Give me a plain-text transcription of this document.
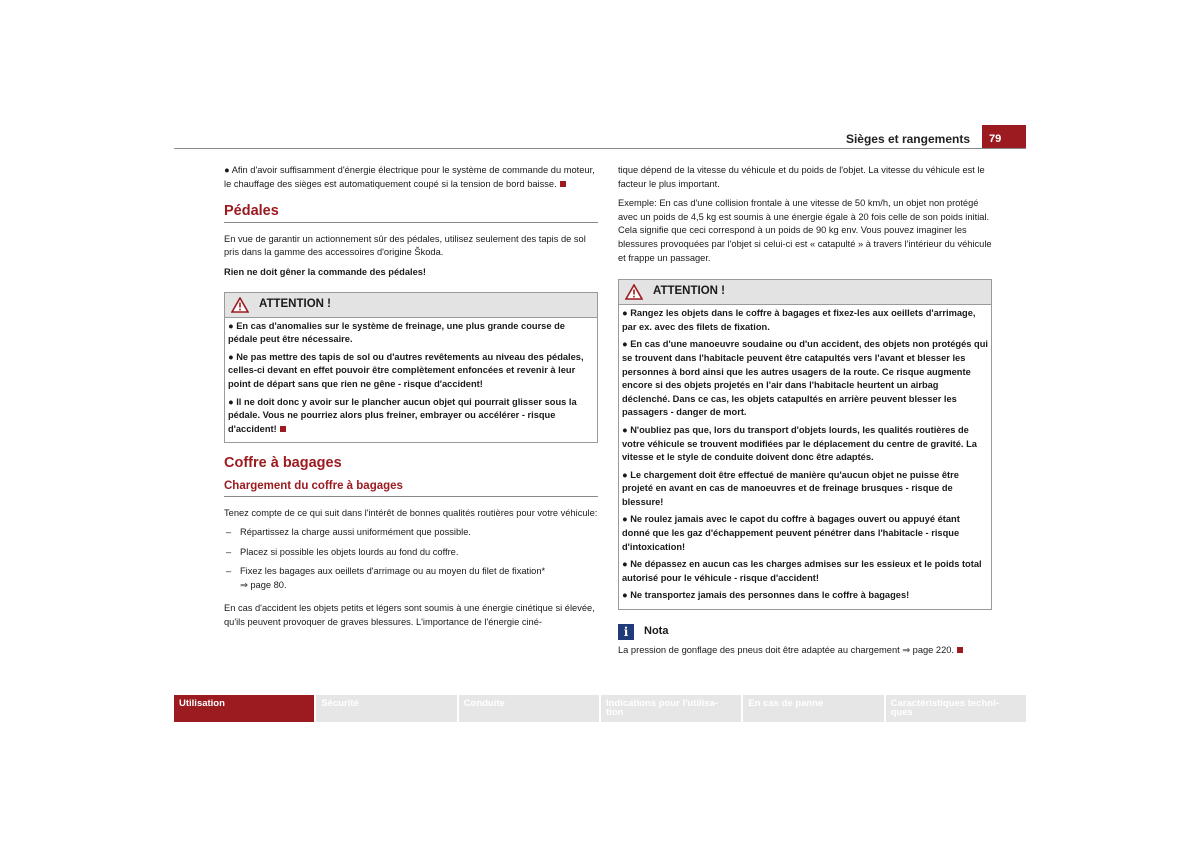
Sièges et rangements	79

● Afin d'avoir suffisamment d'énergie électrique pour le système de commande du moteur, le chauffage des sièges est automatiquement coupé si la tension de bord baisse.

Pédales

En vue de garantir un actionnement sûr des pédales, utilisez seulement des tapis de sol pris dans la gamme des accessoires d'origine Škoda.

Rien ne doit gêner la commande des pédales!

ATTENTION !

● En cas d'anomalies sur le système de freinage, une plus grande course de pédale peut être nécessaire.

● Ne pas mettre des tapis de sol ou d'autres revêtements au niveau des pédales, celles-ci devant en effet pouvoir être complètement enfoncées et revenir à leur point de départ sans que rien ne gêne - risque d'accident!

● Il ne doit donc y avoir sur le plancher aucun objet qui pourrait glisser sous la pédale. Vous ne pourriez alors plus freiner, embrayer ou accélérer - risque d'accident!

Coffre à bagages
Chargement du coffre à bagages

Tenez compte de ce qui suit dans l'intérêt de bonnes qualités routières pour votre véhicule:

– Répartissez la charge aussi uniformément que possible.
– Placez si possible les objets lourds au fond du coffre.
– Fixez les bagages aux oeillets d'arrimage ou au moyen du filet de fixation*
⇒ page 80.

En cas d'accident les objets petits et légers sont soumis à une énergie cinétique si élevée, qu'ils peuvent provoquer de graves blessures. L'importance de l'énergie ciné-

tique dépend de la vitesse du véhicule et du poids de l'objet. La vitesse du véhicule est le facteur le plus important.

Exemple: En cas d'une collision frontale à une vitesse de 50 km/h, un objet non protégé avec un poids de 4,5 kg est soumis à une énergie égale à 20 fois celle de son poids initial. Cela signifie que ceci correspond à un poids de 90 kg env. Vous pouvez imaginer les blessures provoquées par l'objet si celui-ci est « catapulté » à travers l'intérieur du véhicule et frappe un passager.

ATTENTION !

● Rangez les objets dans le coffre à bagages et fixez-les aux oeillets d'arrimage, par ex. avec des filets de fixation.

● En cas d'une manoeuvre soudaine ou d'un accident, des objets non protégés qui se trouvent dans l'habitacle peuvent être catapultés vers l'avant et blesser les personnes à bord ainsi que les autres usagers de la route. Ce risque augmente encore si des objets projetés en l'air dans l'habitacle heurtent un airbag déclenché. Dans ce cas, les objets catapultés en arrière peuvent blesser les passagers - danger de mort.

● N'oubliez pas que, lors du transport d'objets lourds, les qualités routières de votre véhicule se trouvent modifiées par le déplacement du centre de gravité. La vitesse et le style de conduite doivent donc être adaptés.

● Le chargement doit être effectué de manière qu'aucun objet ne puisse être projeté en avant en cas de manoeuvres et de freinage brusques - risque de blessure!

● Ne roulez jamais avec le capot du coffre à bagages ouvert ou appuyé étant donné que les gaz d'échappement peuvent pénétrer dans l'habitacle - risque d'intoxication!

● Ne dépassez en aucun cas les charges admises sur les essieux et le poids total autorisé pour le véhicule - risque d'accident!

● Ne transportez jamais des personnes dans le coffre à bagages!

i	Nota

La pression de gonflage des pneus doit être adaptée au chargement ⇒ page 220.

Utilisation	Sécurité	Conduite	Indications pour l'utilisa-
tion
En cas de panne	Caractéristiques techni-
ques
